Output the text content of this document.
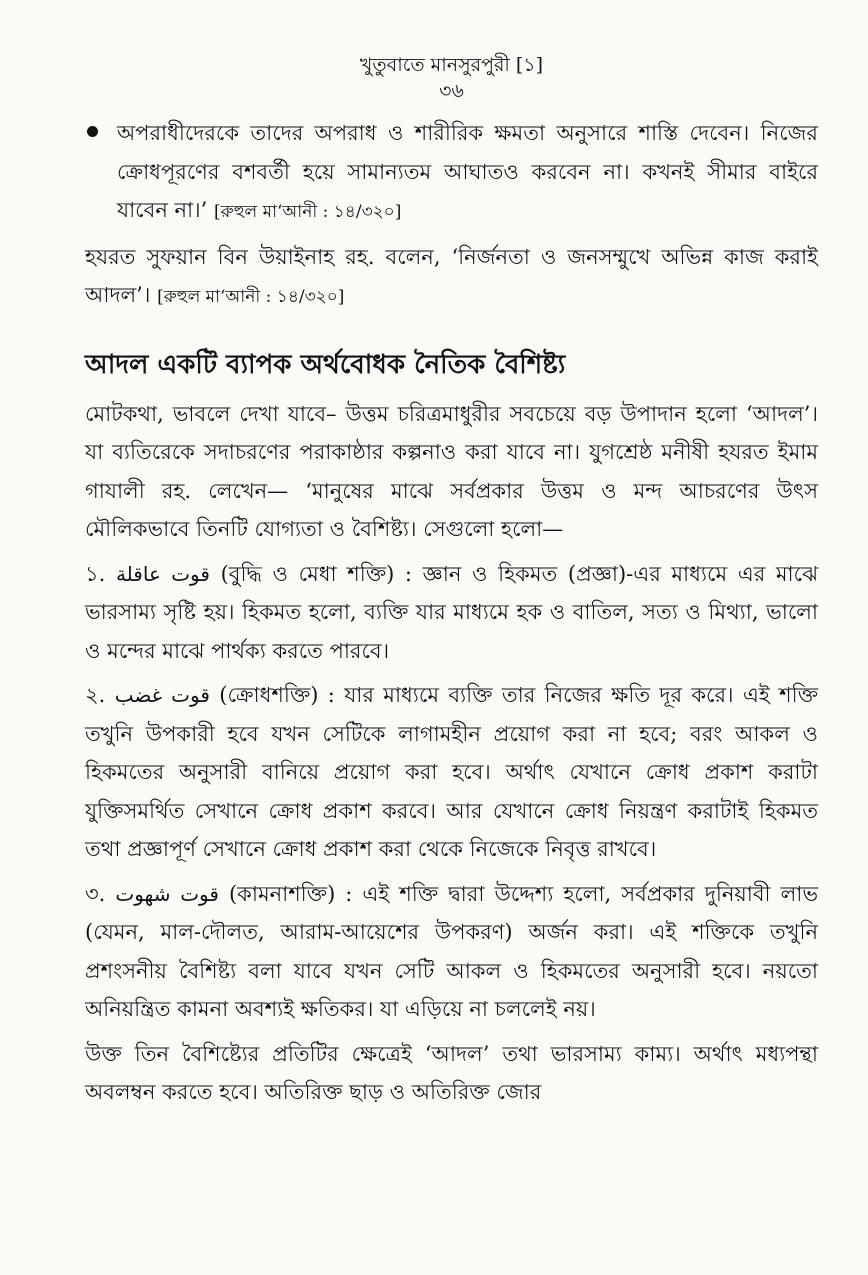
খুতুবাতে মানসুরপুরী [১]
৩৬

অপরাধীদেরকে তাদের অপরাধ ও শারীরিক ক্ষমতা অনুসারে শাস্তি দেবেন। নিজের ক্রোধপূরণের বশবর্তী হয়ে সামান্যতম আঘাতও করবেন না। কখনই সীমার বাইরে যাবেন না।’ [রুহুল মা‘আনী : ১৪/৩২০]

হযরত সুফয়ান বিন উয়াইনাহ রহ. বলেন, ‘নির্জনতা ও জনসম্মুখে অভিন্ন কাজ করাই আদল’। [রুহুল মা‘আনী : ১৪/৩২০]

আদল একটি ব্যাপক অর্থবোধক নৈতিক বৈশিষ্ট্য

মোটকথা, ভাবলে দেখা যাবে– উত্তম চরিত্রমাধুরীর সবচেয়ে বড় উপাদান হলো ‘আদল’। যা ব্যতিরেকে সদাচরণের পরাকাষ্ঠার কল্পনাও করা যাবে না। যুগশ্রেষ্ঠ মনীষী হযরত ইমাম গাযালী রহ. লেখেন— ‘মানুষের মাঝে সর্বপ্রকার উত্তম ও মন্দ আচরণের উৎস মৌলিকভাবে তিনটি যোগ্যতা ও বৈশিষ্ট্য। সেগুলো হলো—

১. قوت عاقلة (বুদ্ধি ও মেধা শক্তি) : জ্ঞান ও হিকমত (প্রজ্ঞা)-এর মাধ্যমে এর মাঝে ভারসাম্য সৃষ্টি হয়। হিকমত হলো, ব্যক্তি যার মাধ্যমে হক ও বাতিল, সত্য ও মিথ্যা, ভালো ও মন্দের মাঝে পার্থক্য করতে পারবে।

২. قوت غضب (ক্রোধশক্তি) : যার মাধ্যমে ব্যক্তি তার নিজের ক্ষতি দূর করে। এই শক্তি তখুনি উপকারী হবে যখন সেটিকে লাগামহীন প্রয়োগ করা না হবে; বরং আকল ও হিকমতের অনুসারী বানিয়ে প্রয়োগ করা হবে। অর্থাৎ যেখানে ক্রোধ প্রকাশ করাটা যুক্তিসমর্থিত সেখানে ক্রোধ প্রকাশ করবে। আর যেখানে ক্রোধ নিয়ন্ত্রণ করাটাই হিকমত তথা প্রজ্ঞাপূর্ণ সেখানে ক্রোধ প্রকাশ করা থেকে নিজেকে নিবৃত্ত রাখবে।

৩. قوت شهوت (কামনাশক্তি) : এই শক্তি দ্বারা উদ্দেশ্য হলো, সর্বপ্রকার দুনিয়াবী লাভ (যেমন, মাল-দৌলত, আরাম-আয়েশের উপকরণ) অর্জন করা। এই শক্তিকে তখুনি প্রশংসনীয় বৈশিষ্ট্য বলা যাবে যখন সেটি আকল ও হিকমতের অনুসারী হবে। নয়তো অনিয়ন্ত্রিত কামনা অবশ্যই ক্ষতিকর। যা এড়িয়ে না চললেই নয়।

উক্ত তিন বৈশিষ্ট্যের প্রতিটির ক্ষেত্রেই ‘আদল’ তথা ভারসাম্য কাম্য। অর্থাৎ মধ্যপন্থা অবলম্বন করতে হবে। অতিরিক্ত ছাড় ও অতিরিক্ত জোর
